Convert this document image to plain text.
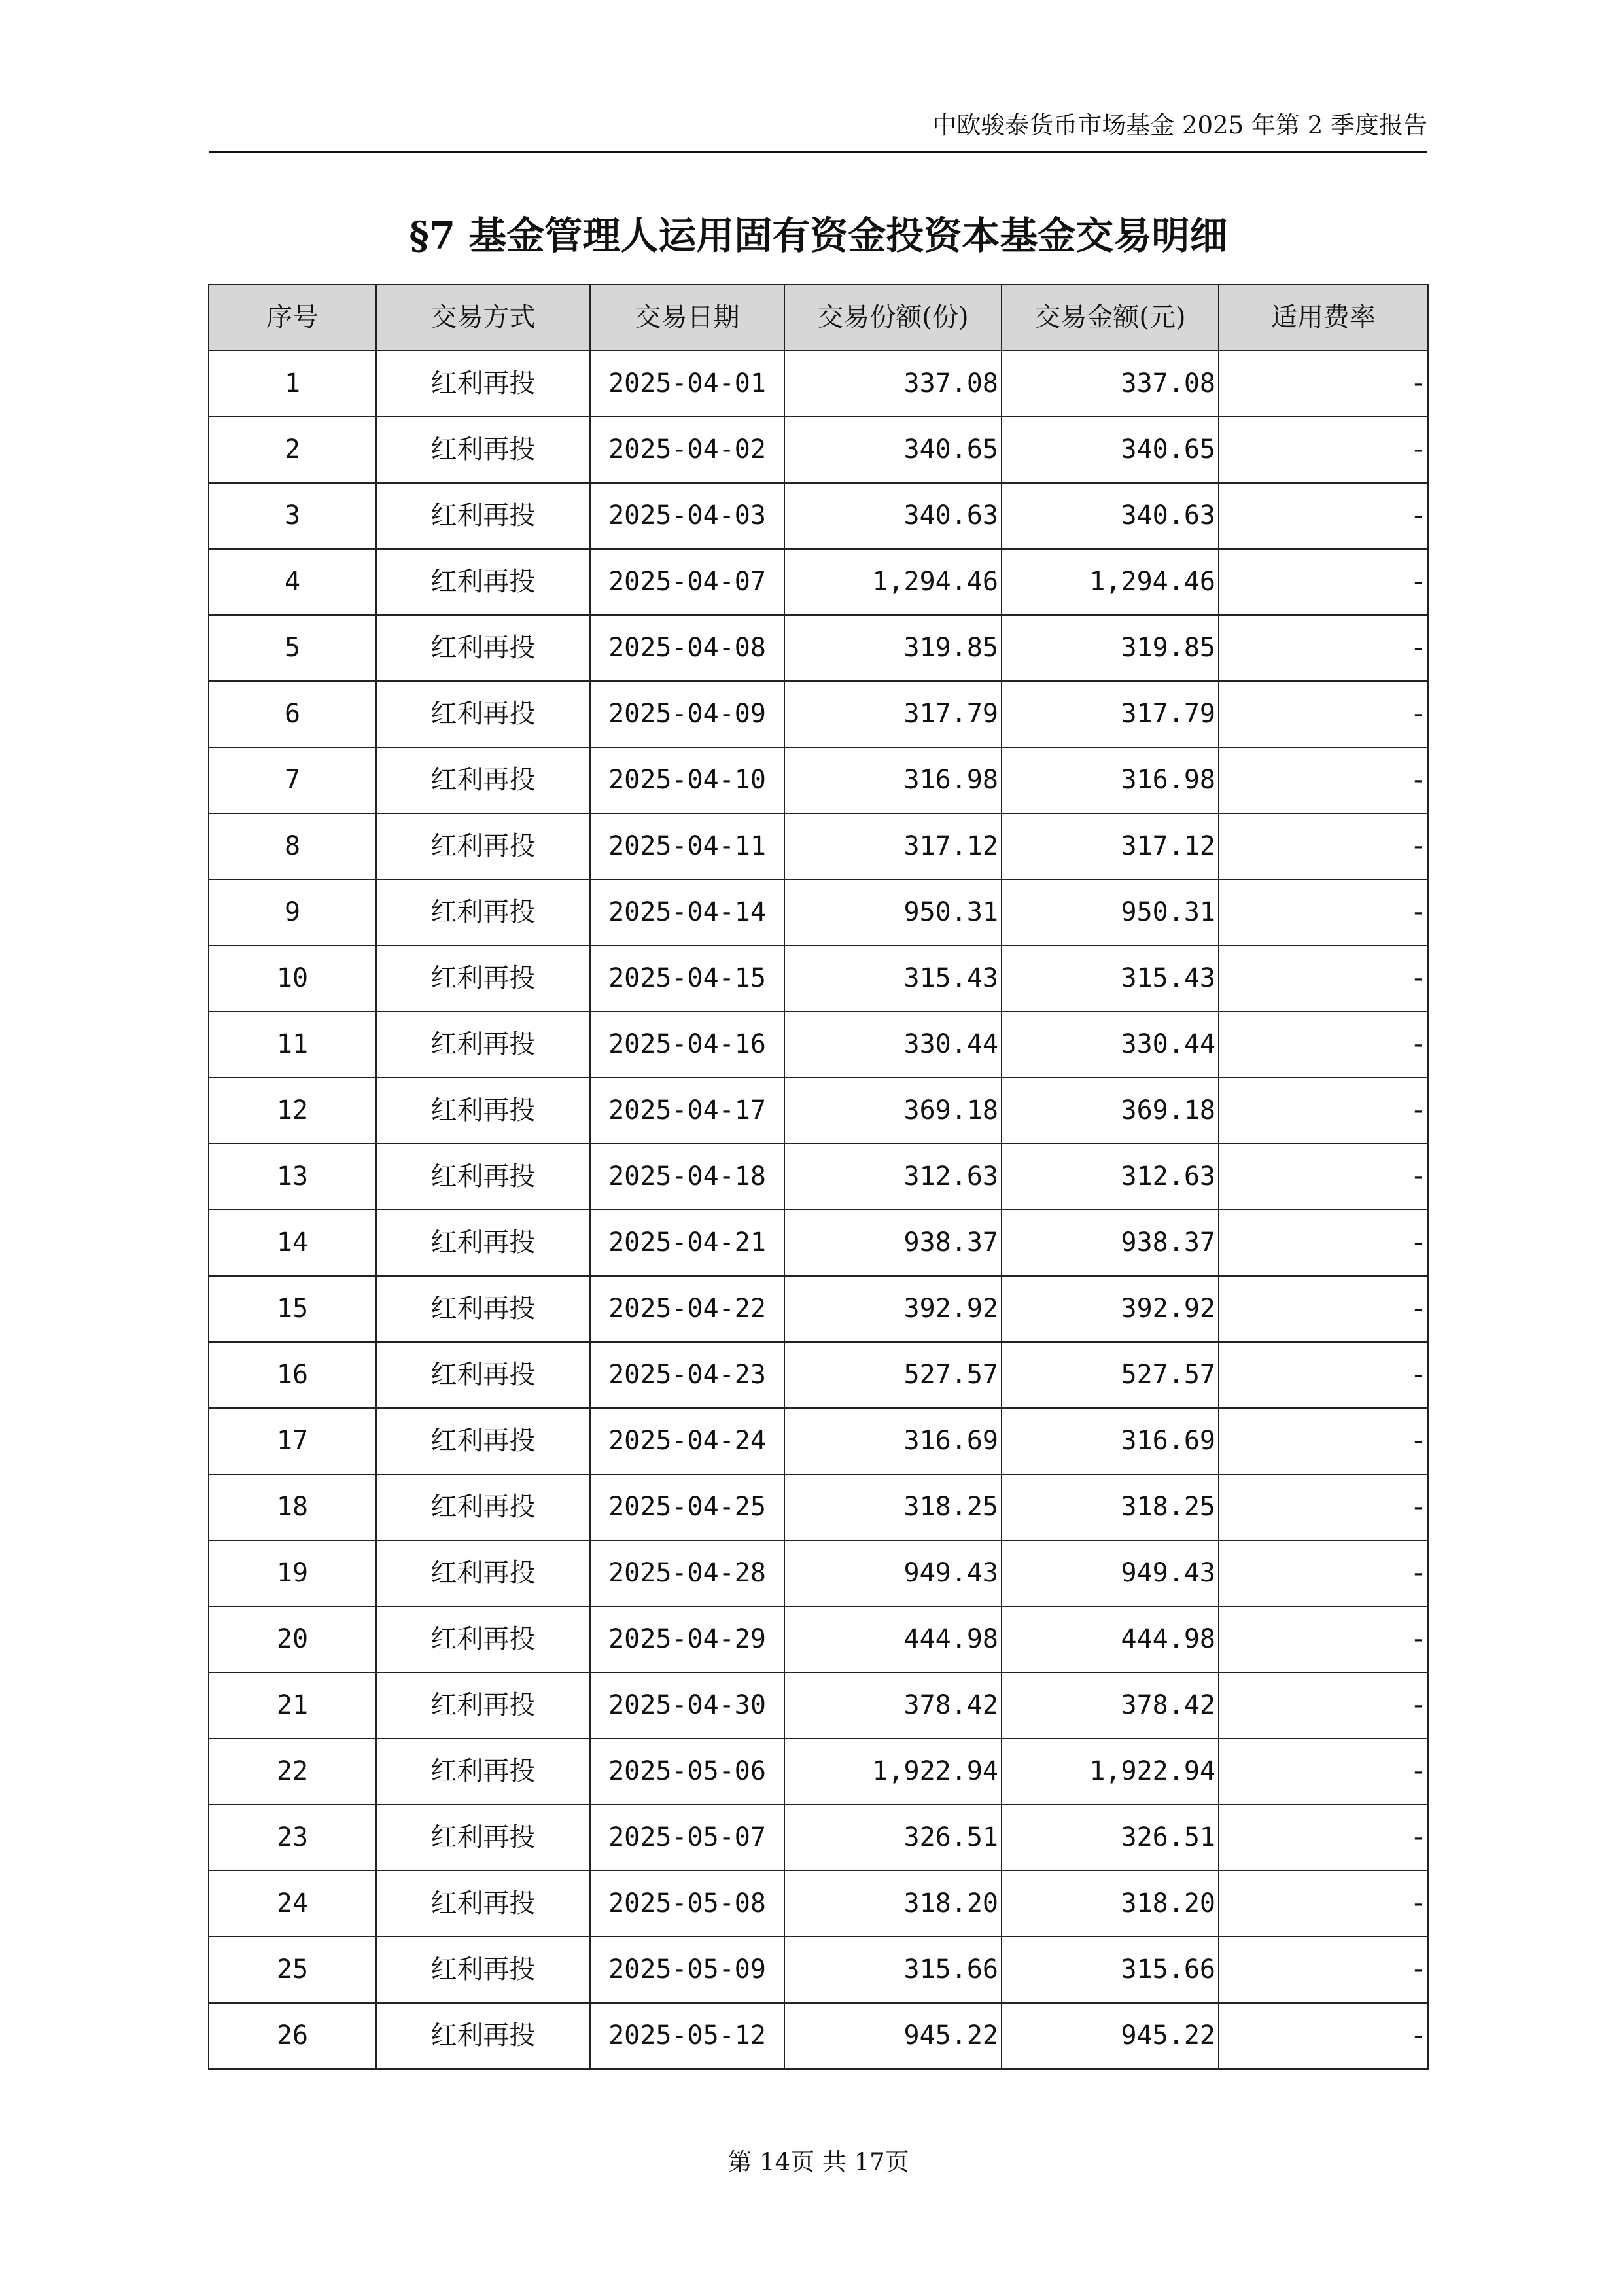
中欧骏泰货币市场基金 2025 年第 2 季度报告
§7 基金管理人运用固有资金投资本基金交易明细
序号	交易方式	交易日期	交易份额(份)	交易金额(元)	适用费率
1	红利再投	2025-04-01	337.08	337.08	-
2	红利再投	2025-04-02	340.65	340.65	-
3	红利再投	2025-04-03	340.63	340.63	-
4	红利再投	2025-04-07	1,294.46	1,294.46	-
5	红利再投	2025-04-08	319.85	319.85	-
6	红利再投	2025-04-09	317.79	317.79	-
7	红利再投	2025-04-10	316.98	316.98	-
8	红利再投	2025-04-11	317.12	317.12	-
9	红利再投	2025-04-14	950.31	950.31	-
10	红利再投	2025-04-15	315.43	315.43	-
11	红利再投	2025-04-16	330.44	330.44	-
12	红利再投	2025-04-17	369.18	369.18	-
13	红利再投	2025-04-18	312.63	312.63	-
14	红利再投	2025-04-21	938.37	938.37	-
15	红利再投	2025-04-22	392.92	392.92	-
16	红利再投	2025-04-23	527.57	527.57	-
17	红利再投	2025-04-24	316.69	316.69	-
18	红利再投	2025-04-25	318.25	318.25	-
19	红利再投	2025-04-28	949.43	949.43	-
20	红利再投	2025-04-29	444.98	444.98	-
21	红利再投	2025-04-30	378.42	378.42	-
22	红利再投	2025-05-06	1,922.94	1,922.94	-
23	红利再投	2025-05-07	326.51	326.51	-
24	红利再投	2025-05-08	318.20	318.20	-
25	红利再投	2025-05-09	315.66	315.66	-
26	红利再投	2025-05-12	945.22	945.22	-
第 14页 共 17页
